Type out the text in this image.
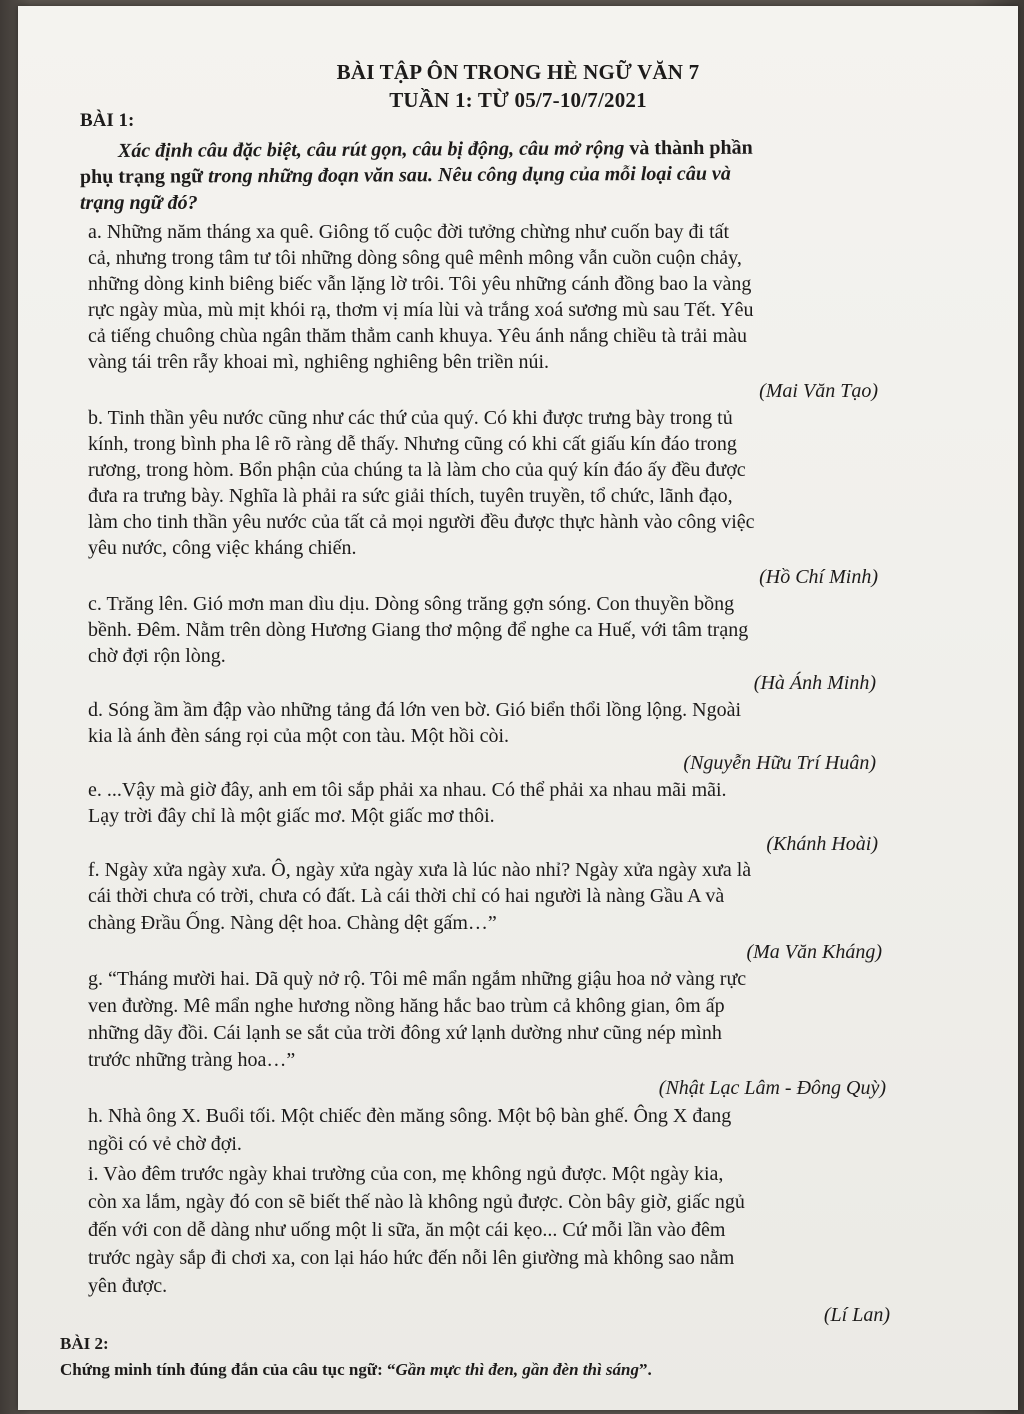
BÀI TẬP ÔN TRONG HÈ NGỮ VĂN 7
TUẦN 1: TỪ 05/7-10/7/2021
BÀI 1:
Xác định câu đặc biệt, câu rút gọn, câu bị động, câu mở rộng và thành phần
phụ trạng ngữ trong những đoạn văn sau. Nêu công dụng của mỗi loại câu và
trạng ngữ đó?
a. Những năm tháng xa quê. Giông tố cuộc đời tưởng chừng như cuốn bay đi tất
cả, nhưng trong tâm tư tôi những dòng sông quê mênh mông vẫn cuồn cuộn chảy,
những dòng kinh biêng biếc vẫn lặng lờ trôi. Tôi yêu những cánh đồng bao la vàng
rực ngày mùa, mù mịt khói rạ, thơm vị mía lùi và trắng xoá sương mù sau Tết. Yêu
cả tiếng chuông chùa ngân thăm thẳm canh khuya. Yêu ánh nắng chiều tà trải màu
vàng tái trên rẫy khoai mì, nghiêng nghiêng bên triền núi.
(Mai Văn Tạo)
b. Tinh thần yêu nước cũng như các thứ của quý. Có khi được trưng bày trong tủ
kính, trong bình pha lê rõ ràng dễ thấy. Nhưng cũng có khi cất giấu kín đáo trong
rương, trong hòm. Bổn phận của chúng ta là làm cho của quý kín đáo ấy đều được
đưa ra trưng bày. Nghĩa là phải ra sức giải thích, tuyên truyền, tổ chức, lãnh đạo,
làm cho tinh thần yêu nước của tất cả mọi người đều được thực hành vào công việc
yêu nước, công việc kháng chiến.
(Hồ Chí Minh)
c. Trăng lên. Gió mơn man dìu dịu. Dòng sông trăng gợn sóng. Con thuyền bồng
bềnh. Đêm. Nằm trên dòng Hương Giang thơ mộng để nghe ca Huế, với tâm trạng
chờ đợi rộn lòng.
(Hà Ánh Minh)
d. Sóng ầm ầm đập vào những tảng đá lớn ven bờ. Gió biển thổi lồng lộng. Ngoài
kia là ánh đèn sáng rọi của một con tàu. Một hồi còi.
(Nguyễn Hữu Trí Huân)
e. ...Vậy mà giờ đây, anh em tôi sắp phải xa nhau. Có thể phải xa nhau mãi mãi.
Lạy trời đây chỉ là một giấc mơ. Một giấc mơ thôi.
(Khánh Hoài)
f. Ngày xửa ngày xưa. Ô, ngày xửa ngày xưa là lúc nào nhỉ? Ngày xửa ngày xưa là
cái thời chưa có trời, chưa có đất. Là cái thời chỉ có hai người là nàng Gầu A và
chàng Đrầu Ống. Nàng dệt hoa. Chàng dệt gấm…”
(Ma Văn Kháng)
g. “Tháng mười hai. Dã quỳ nở rộ. Tôi mê mẩn ngắm những giậu hoa nở vàng rực
ven đường. Mê mẩn nghe hương nồng hăng hắc bao trùm cả không gian, ôm ấp
những dãy đồi. Cái lạnh se sắt của trời đông xứ lạnh dường như cũng nép mình
trước những tràng hoa…”
(Nhật Lạc Lâm - Đông Quỳ)
h. Nhà ông X. Buổi tối. Một chiếc đèn măng sông. Một bộ bàn ghế. Ông X đang
ngồi có vẻ chờ đợi.
i. Vào đêm trước ngày khai trường của con, mẹ không ngủ được. Một ngày kia,
còn xa lắm, ngày đó con sẽ biết thế nào là không ngủ được. Còn bây giờ, giấc ngủ
đến với con dễ dàng như uống một li sữa, ăn một cái kẹo... Cứ mỗi lần vào đêm
trước ngày sắp đi chơi xa, con lại háo hức đến nỗi lên giường mà không sao nằm
yên được.
(Lí Lan)
BÀI 2:
Chứng minh tính đúng đắn của câu tục ngữ: “Gần mực thì đen, gần đèn thì sáng”.
